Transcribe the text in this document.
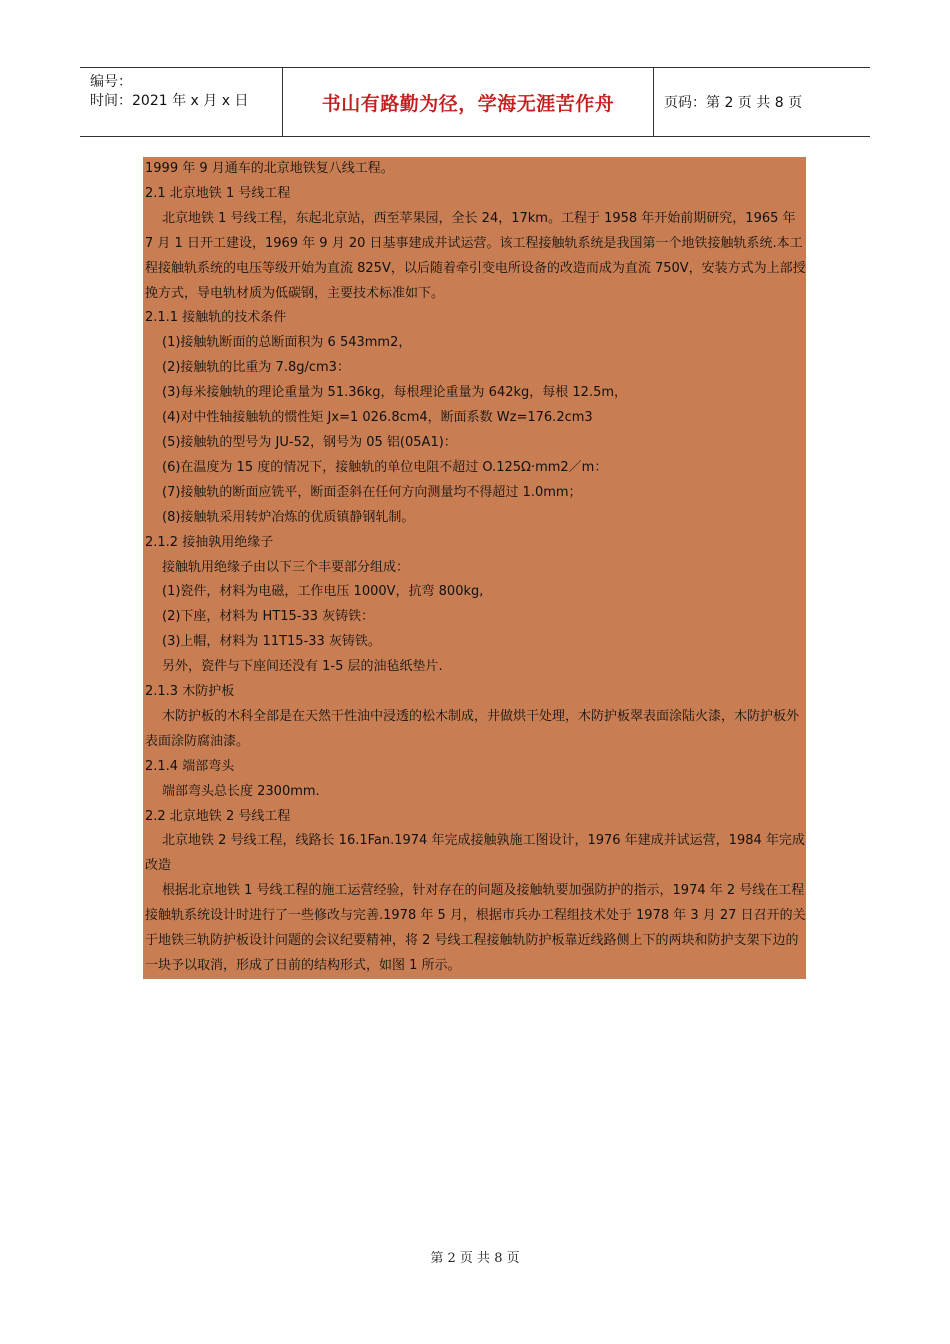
编号：
时间：2021 年 x 月 x 日	书山有路勤为径，学海无涯苦作舟	页码：第 2 页 共 8 页

1999 年 9 月通车的北京地铁复八线工程。

2.1 北京地铁 1 号线工程

北京地铁 1 号线工程，东起北京站，西至苹果园，全长 24，17km。工程于 1958 年开始前期研究，1965 年 7 月 1 日开工建设，1969 年 9 月 20 日基事建成并试运营。该工程接触轨系统是我国第一个地铁接触轨系统.本工程接触轨系统的电压等级开始为直流 825V，以后随着牵引变电所设备的改造而成为直流 750V，安装方式为上部授挽方式，导电轨材质为低碳钢，主要技术标准如下。

2.1.1 接触轨的技术条件

(1)接触轨断面的总断面积为 6 543mm2，

(2)接触轨的比重为 7.8g/cm3：

(3)每米接触轨的理论重量为 51.36kg，每根理论重量为 642kg，每根 12.5m，

(4)对中性轴接触轨的惯性矩 Jx=1 026.8cm4，断面系数 Wz=176.2cm3

(5)接触轨的型号为 JU-52，钢号为 05 铝(05A1)：

(6)在温度为 15 度的情况下，接触轨的单位电阻不超过 O.125Ω·mm2／m：

(7)接触轨的断面应铣平，断面歪斜在任何方向测量均不得超过 1.0mm；

(8)接触轨采用转炉冶炼的优质镇静钢轧制。

2.1.2 接抽孰用绝缘子

接触轨用绝缘子由以下三个丰要部分组成：

(1)瓷件，材料为电磁，工作电压 1000V，抗弯 800kg,

(2)下座，材料为 HT15-33 灰铸铁：

(3)上帽，材料为 11T15-33 灰铸铁。

另外，瓷件与下座间还没有 1-5 层的油毡纸垫片.

2.1.3 木防护板

木防护板的木科全部是在天然干性油中浸透的松木制成，井做烘干处理，木防护板翠表面涂陆火漆，木防护板外表面涂防腐油漆。

2.1.4 端部弯头

端部弯头总长度 2300mm.

2.2 北京地铁 2 号线工程

北京地铁 2 号线工程，线路长 16.1Fan.1974 年完成接触孰施工图设计，1976 年建成并试运营，1984 年完成改造

根据北京地铁 1 号线工程的施工运营经验，针对存在的问题及接触轨要加强防护的指示，1974 年 2 号线在工程接触轨系统设计时进行了一些修改与完善.1978 年 5 月，根据市兵办工程组技术处于 1978 年 3 月 27 日召开的关于地铁三轨防护板设计问题的会议纪要精神，将 2 号线工程接触轨防护板靠近线路侧上下的两块和防护支架下边的一块予以取消，形成了日前的结构形式，如图 1 所示。

第 2 页 共 8 页
